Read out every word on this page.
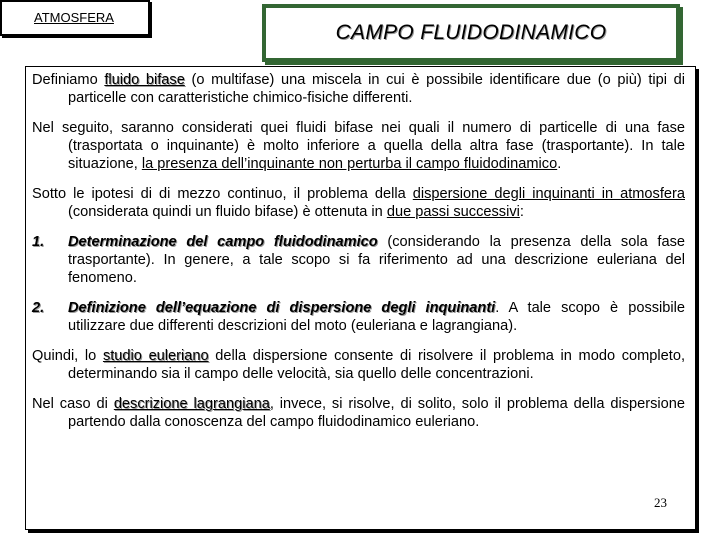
ATMOSFERA
CAMPO FLUIDODINAMICO

Definiamo fluido bifase (o multifase) una miscela in cui è possibile identificare due (o più) tipi di particelle con caratteristiche chimico-fisiche differenti.

Nel seguito, saranno considerati quei fluidi bifase nei quali il numero di particelle di una fase (trasportata o inquinante) è molto inferiore a quella della altra fase (trasportante). In tale situazione, la presenza dell’inquinante non perturba il campo fluidodinamico.

Sotto le ipotesi di di mezzo continuo, il problema della dispersione degli inquinanti in atmosfera (considerata quindi un fluido bifase) è ottenuta in due passi successivi:

1. Determinazione del campo fluidodinamico (considerando la presenza della sola fase trasportante). In genere, a tale scopo si fa riferimento ad una descrizione euleriana del fenomeno.

2. Definizione dell’equazione di dispersione degli inquinanti. A tale scopo è possibile utilizzare due differenti descrizioni del moto (euleriana e lagrangiana).

Quindi, lo studio euleriano della dispersione consente di risolvere il problema in modo completo, determinando sia il campo delle velocità, sia quello delle concentrazioni.

Nel caso di descrizione lagrangiana, invece, si risolve, di solito, solo il problema della dispersione partendo dalla conoscenza del campo fluidodinamico euleriano.

23
